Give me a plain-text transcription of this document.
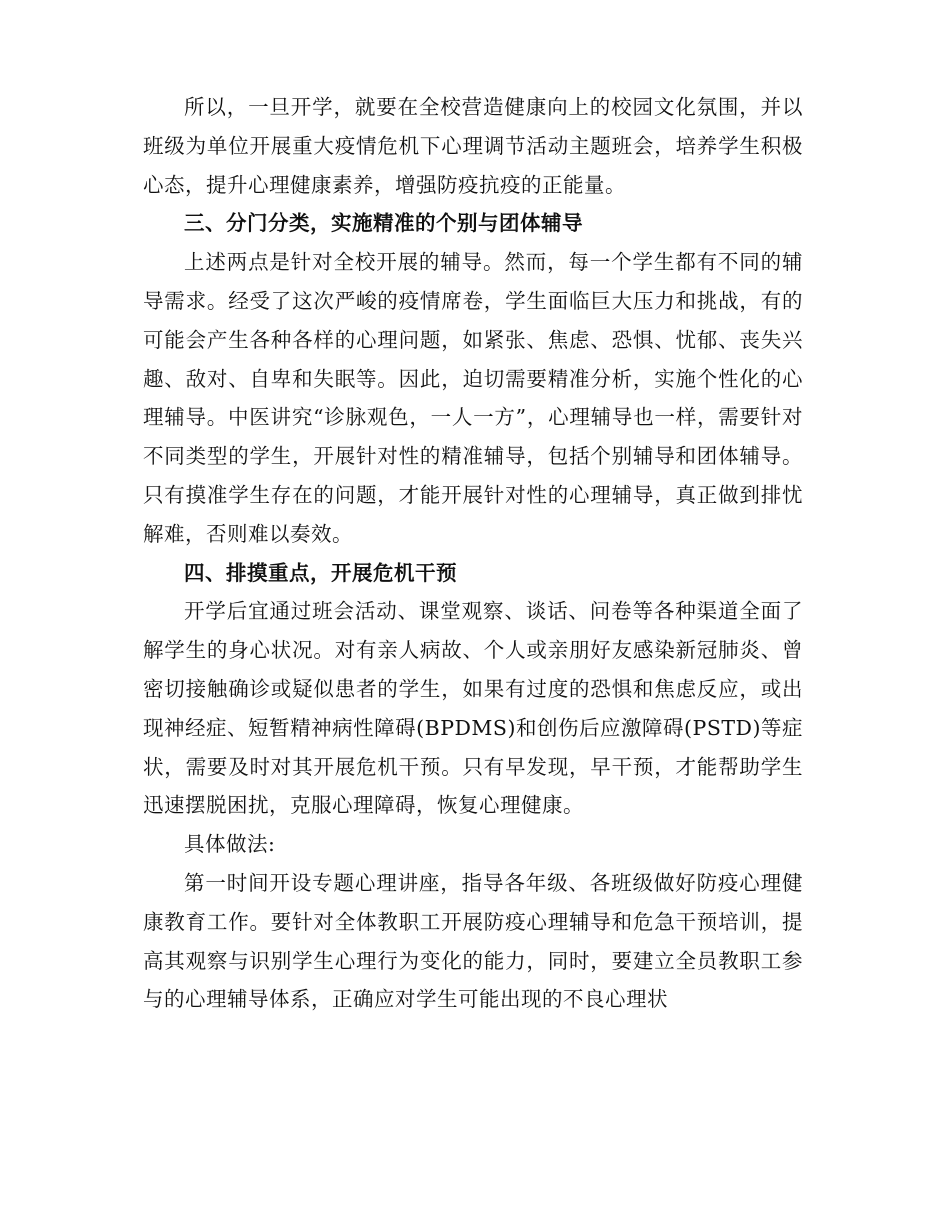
所以，一旦开学，就要在全校营造健康向上的校园文化氛围，并以班级为单位开展重大疫情危机下心理调节活动主题班会，培养学生积极心态，提升心理健康素养，增强防疫抗疫的正能量。

三、分门分类，实施精准的个别与团体辅导

上述两点是针对全校开展的辅导。然而，每一个学生都有不同的辅导需求。经受了这次严峻的疫情席卷，学生面临巨大压力和挑战，有的可能会产生各种各样的心理问题，如紧张、焦虑、恐惧、忧郁、丧失兴趣、敌对、自卑和失眠等。因此，迫切需要精准分析，实施个性化的心理辅导。中医讲究“诊脉观色，一人一方”，心理辅导也一样，需要针对不同类型的学生，开展针对性的精准辅导，包括个别辅导和团体辅导。只有摸准学生存在的问题，才能开展针对性的心理辅导，真正做到排忧解难，否则难以奏效。

四、排摸重点，开展危机干预

开学后宜通过班会活动、课堂观察、谈话、问卷等各种渠道全面了解学生的身心状况。对有亲人病故、个人或亲朋好友感染新冠肺炎、曾密切接触确诊或疑似患者的学生，如果有过度的恐惧和焦虑反应，或出现神经症、短暂精神病性障碍(BPDMS)和创伤后应激障碍(PSTD)等症状，需要及时对其开展危机干预。只有早发现，早干预，才能帮助学生迅速摆脱困扰，克服心理障碍，恢复心理健康。

具体做法:

第一时间开设专题心理讲座，指导各年级、各班级做好防疫心理健康教育工作。要针对全体教职工开展防疫心理辅导和危急干预培训，提高其观察与识别学生心理行为变化的能力，同时，要建立全员教职工参与的心理辅导体系，正确应对学生可能出现的不良心理状
